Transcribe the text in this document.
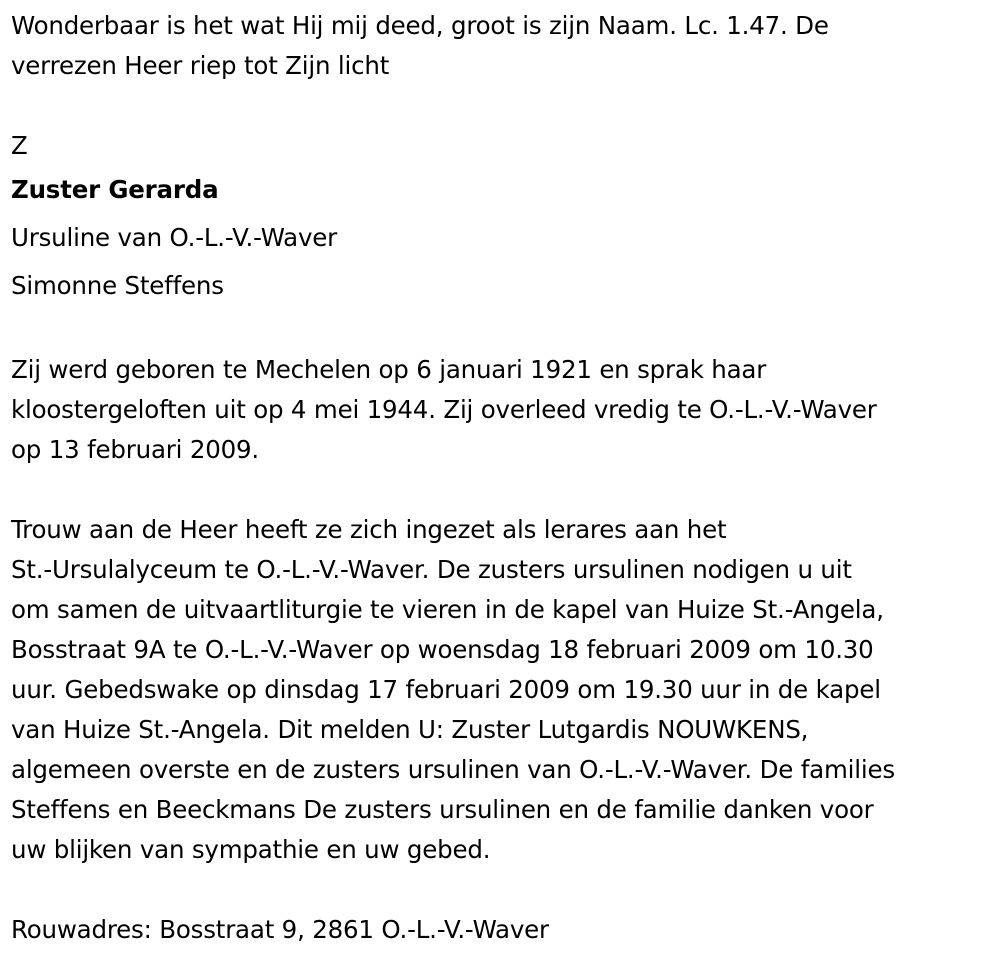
Wonderbaar is het wat Hij mij deed, groot is zijn Naam. Lc. 1.47. De

verrezen Heer riep tot Zijn licht

Z

Zuster Gerarda

Ursuline van O.-L.-V.-Waver

Simonne Steffens

Zij werd geboren te Mechelen op 6 januari 1921 en sprak haar

kloostergeloften uit op 4 mei 1944. Zij overleed vredig te O.-L.-V.-Waver

op 13 februari 2009.

Trouw aan de Heer heeft ze zich ingezet als lerares aan het

St.-Ursulalyceum te O.-L.-V.-Waver. De zusters ursulinen nodigen u uit

om samen de uitvaartliturgie te vieren in de kapel van Huize St.-Angela,

Bosstraat 9A te O.-L.-V.-Waver op woensdag 18 februari 2009 om 10.30

uur. Gebedswake op dinsdag 17 februari 2009 om 19.30 uur in de kapel

van Huize St.-Angela. Dit melden U: Zuster Lutgardis NOUWKENS,

algemeen overste en de zusters ursulinen van O.-L.-V.-Waver. De families

Steffens en Beeckmans De zusters ursulinen en de familie danken voor

uw blijken van sympathie en uw gebed.

Rouwadres: Bosstraat 9, 2861 O.-L.-V.-Waver
